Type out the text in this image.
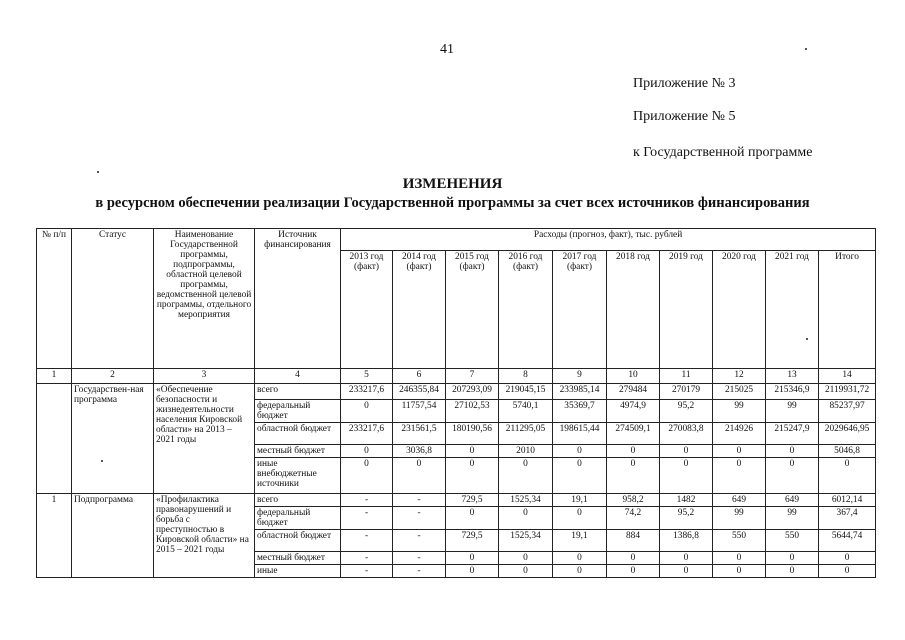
41
Приложение № 3
Приложение № 5
к Государственной программе
ИЗМЕНЕНИЯ
в ресурсном обеспечении реализации Государственной программы за счет всех источников финансирования
№ п/п	Статус	Наименование Государственной программы, подпрограммы, областной целевой программы, ведомственной целевой программы, отдельного мероприятия	Источник финансирования	Расходы (прогноз, факт), тыс. рублей									
				2013 год (факт)	2014 год (факт)	2015 год (факт)	2016 год (факт)	2017 год (факт)	2018 год	2019 год	2020 год	2021 год	Итого
1	2	3	4	5	6	7	8	9	10	11	12	13	14
	Государствен-ная программа	«Обеспечение безопасности и жизнедеятельности населения Кировской области» на 2013 – 2021 годы	всего	233217,6	246355,84	207293,09	219045,15	233985,14	279484	270179	215025	215346,9	2119931,72
			федеральный бюджет	0	11757,54	27102,53	5740,1	35369,7	4974,9	95,2	99	99	85237,97
			областной бюджет	233217,6	231561,5	180190,56	211295,05	198615,44	274509,1	270083,8	214926	215247,9	2029646,95
			местный бюджет	0	3036,8	0	2010	0	0	0	0	0	5046,8
			иные внебюджетные источники	0	0	0	0	0	0	0	0	0	0
1	Подпрограмма	«Профилактика правонарушений и борьба с преступностью в Кировской области» на 2015 – 2021 годы	всего	-	-	729,5	1525,34	19,1	958,2	1482	649	649	6012,14
			федеральный бюджет	-	-	0	0	0	74,2	95,2	99	99	367,4
			областной бюджет	-	-	729,5	1525,34	19,1	884	1386,8	550	550	5644,74
			местный бюджет	-	-	0	0	0	0	0	0	0	0
			иные	-	-	0	0	0	0	0	0	0	0
